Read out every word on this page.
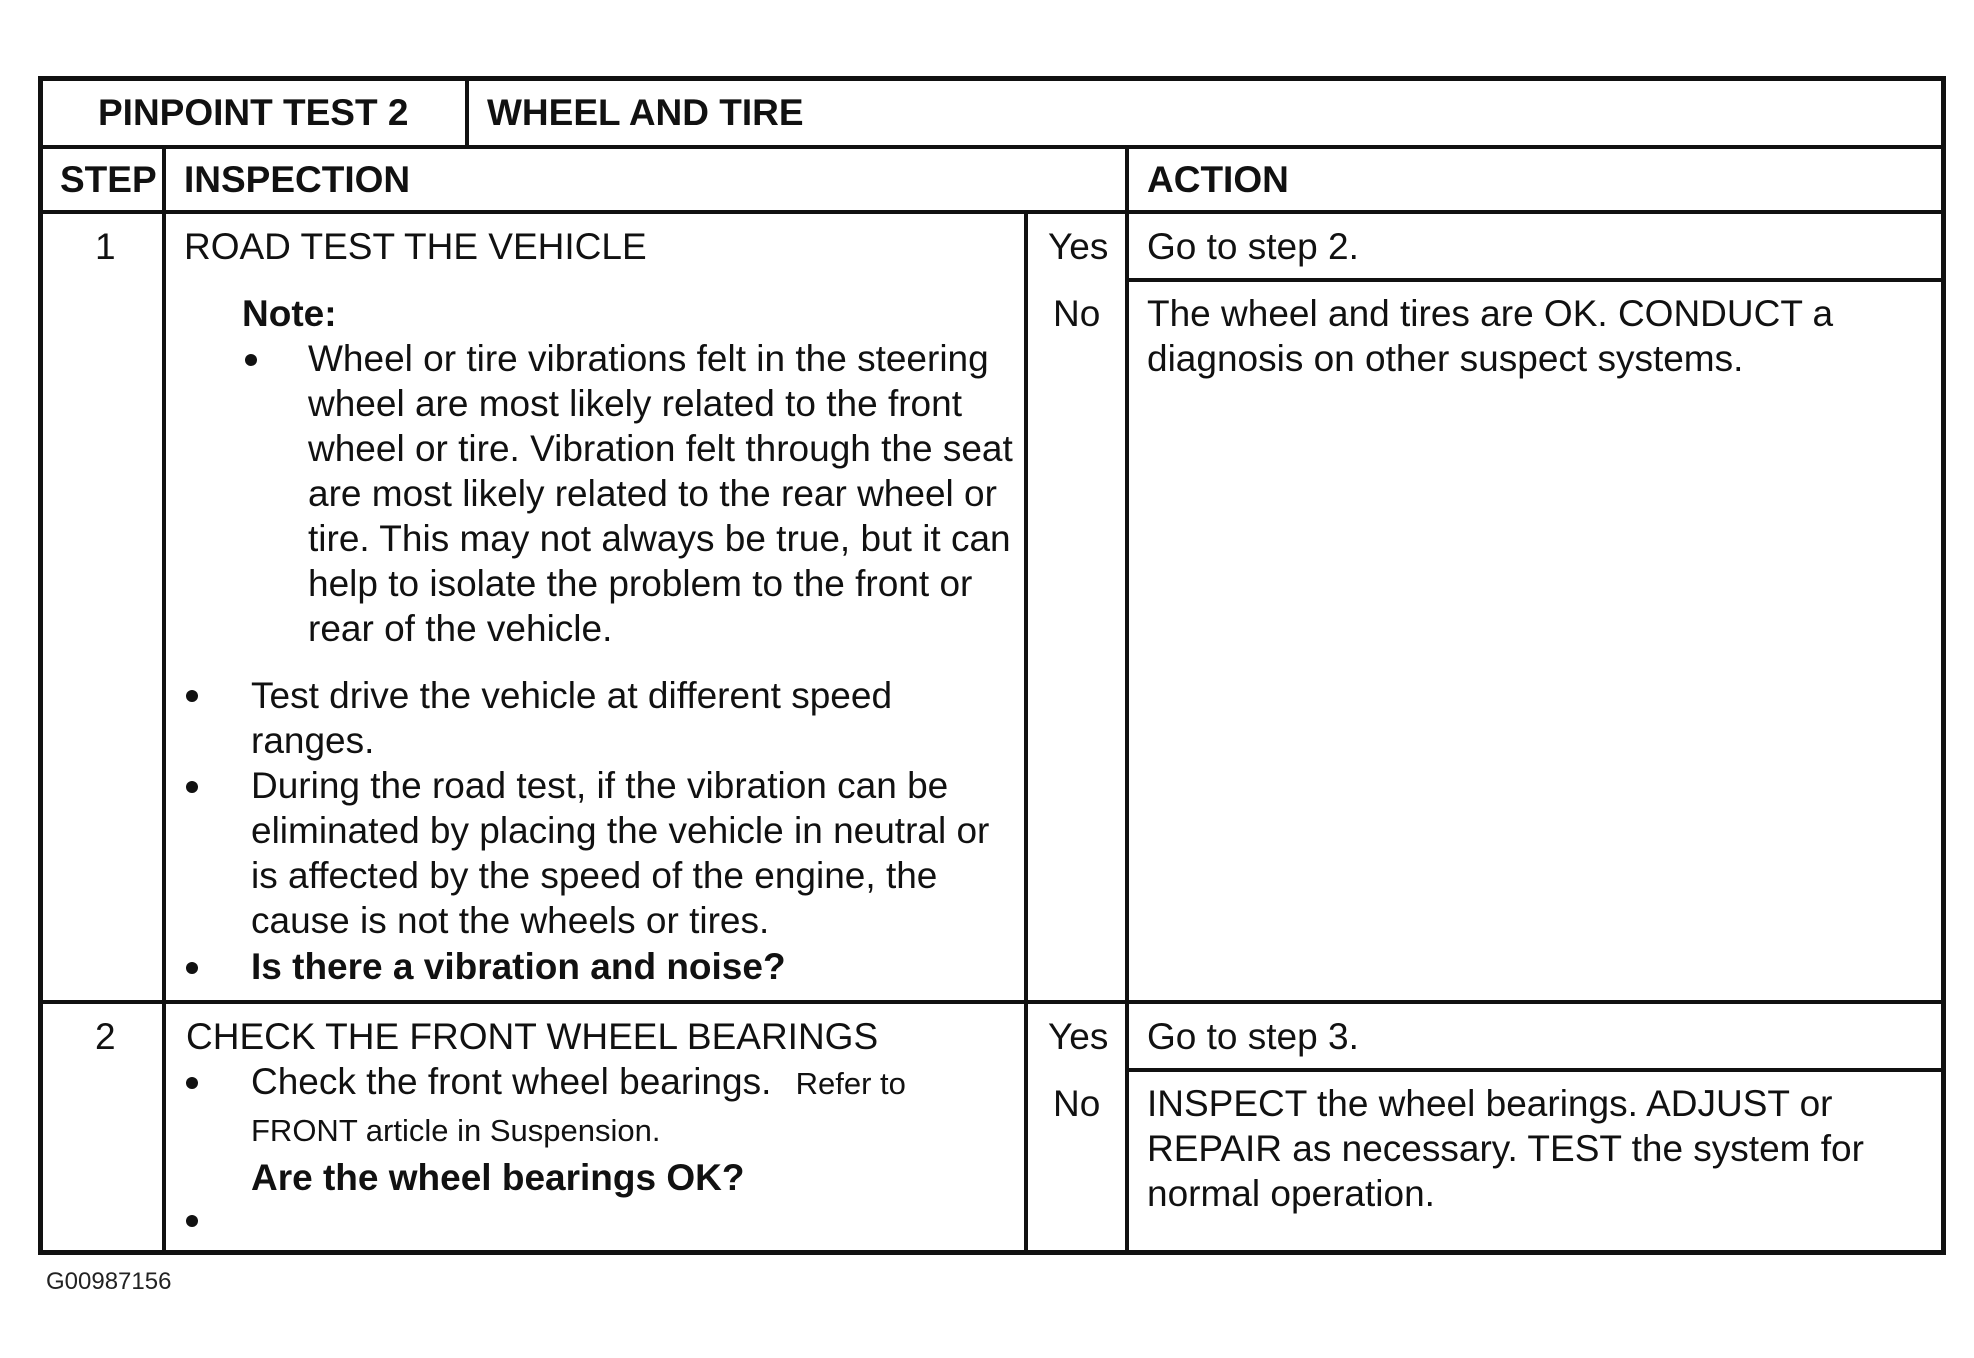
PINPOINT TEST 2 WHEEL AND TIRE
STEP INSPECTION	ACTION
1 ROAD TEST THE VEHICLE
Note:
Wheel or tire vibrations felt in the steering
wheel are most likely related to the front
wheel or tire. Vibration felt through the seat
are most likely related to the rear wheel or
tire. This may not always be true, but it can
help to isolate the problem to the front or
rear of the vehicle.
Test drive the vehicle at different speed
ranges.
During the road test, if the vibration can be
eliminated by placing the vehicle in neutral or
is affected by the speed of the engine, the
cause is not the wheels or tires.
Is there a vibration and noise?
Yes Go to step 2.
No The wheel and tires are OK. CONDUCT a
diagnosis on other suspect systems.
2 CHECK THE FRONT WHEEL BEARINGS
Check the front wheel bearings. Refer to
FRONT article in Suspension.
Are the wheel bearings OK?
Yes Go to step 3.
No INSPECT the wheel bearings. ADJUST or
REPAIR as necessary. TEST the system for
normal operation.
G00987156
